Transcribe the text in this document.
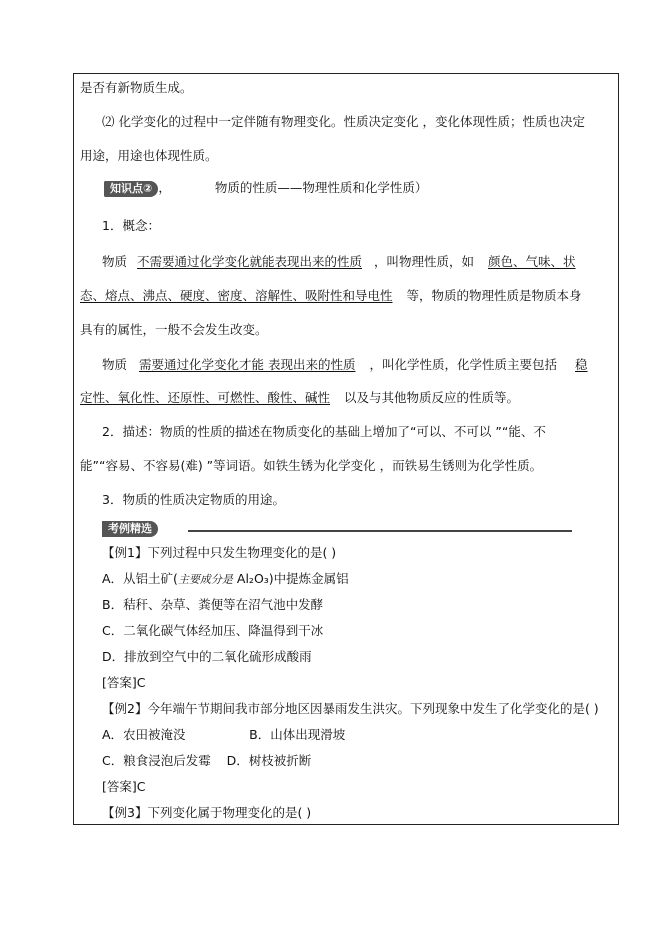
是否有新物质生成。
⑵ 化学变化的过程中一定伴随有物理变化。性质决定变化 ，变化体现性质；性质也决定
用途，用途也体现性质。
知识点② ，	物质的性质——物理性质和化学性质）
1．概念：
物质 不需要通过化学变化就能表现出来的性质 ，叫物理性质，如 颜色、气味、状
态、熔点、沸点、硬度、密度、溶解性、吸附性和导电性 等，物质的物理性质是物质本身
具有的属性，一般不会发生改变。
物质 需要通过化学变化才能 表现出来的性质 ，叫化学性质，化学性质主要包括 稳
定性、氧化性、还原性、可燃性、酸性、碱性 以及与其他物质反应的性质等。
2．描述：物质的性质的描述在物质变化的基础上增加了“可以、不可以 ”“能、不
能”“容易、不容易(难) ”等词语。如铁生锈为化学变化 ，而铁易生锈则为化学性质。
3．物质的性质决定物质的用途。
考例精选
【例1】下列过程中只发生物理变化的是( )
A．从铝土矿(主要成分是 Al₂O₃)中提炼金属铝
B．秸秆、杂草、粪便等在沼气池中发酵
C．二氧化碳气体经加压、降温得到干冰
D．排放到空气中的二氧化硫形成酸雨
[答案]C
【例2】今年端午节期间我市部分地区因暴雨发生洪灾。下列现象中发生了化学变化的是( )
A．农田被淹没                B．山体出现滑坡
C．粮食浸泡后发霉    D．树枝被折断
[答案]C
【例3】下列变化属于物理变化的是( )
